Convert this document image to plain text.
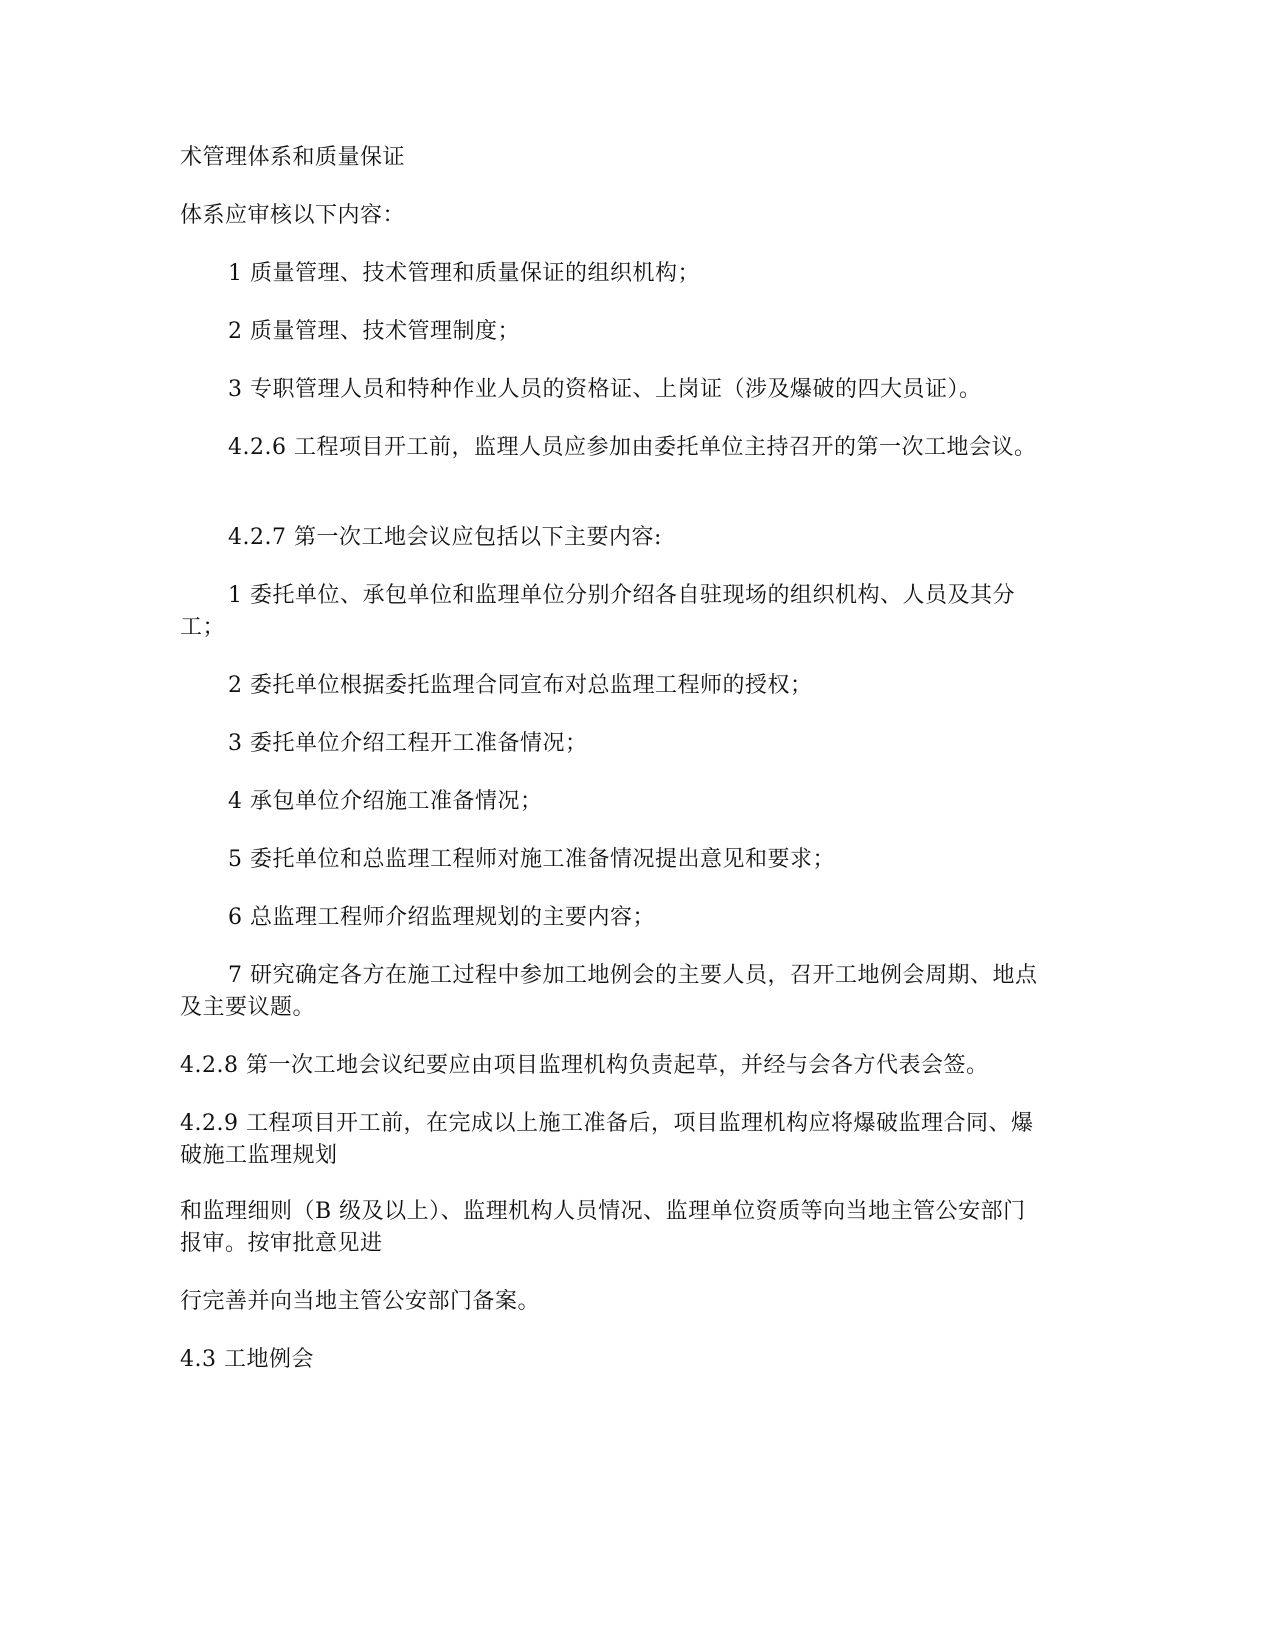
术管理体系和质量保证

体系应审核以下内容：

1 质量管理、技术管理和质量保证的组织机构；

2 质量管理、技术管理制度；

3 专职管理人员和特种作业人员的资格证、上岗证（涉及爆破的四大员证）。

4.2.6 工程项目开工前，监理人员应参加由委托单位主持召开的第一次工地会议。

4.2.7 第一次工地会议应包括以下主要内容:

1 委托单位、承包单位和监理单位分别介绍各自驻现场的组织机构、人员及其分工；

2 委托单位根据委托监理合同宣布对总监理工程师的授权；

3 委托单位介绍工程开工准备情况；

4 承包单位介绍施工准备情况；

5 委托单位和总监理工程师对施工准备情况提出意见和要求；

6 总监理工程师介绍监理规划的主要内容；

7 研究确定各方在施工过程中参加工地例会的主要人员，召开工地例会周期、地点及主要议题。

4.2.8 第一次工地会议纪要应由项目监理机构负责起草，并经与会各方代表会签。

4.2.9 工程项目开工前，在完成以上施工准备后，项目监理机构应将爆破监理合同、爆破施工监理规划

和监理细则（B 级及以上）、监理机构人员情况、监理单位资质等向当地主管公安部门报审。按审批意见进

行完善并向当地主管公安部门备案。

4.3 工地例会
